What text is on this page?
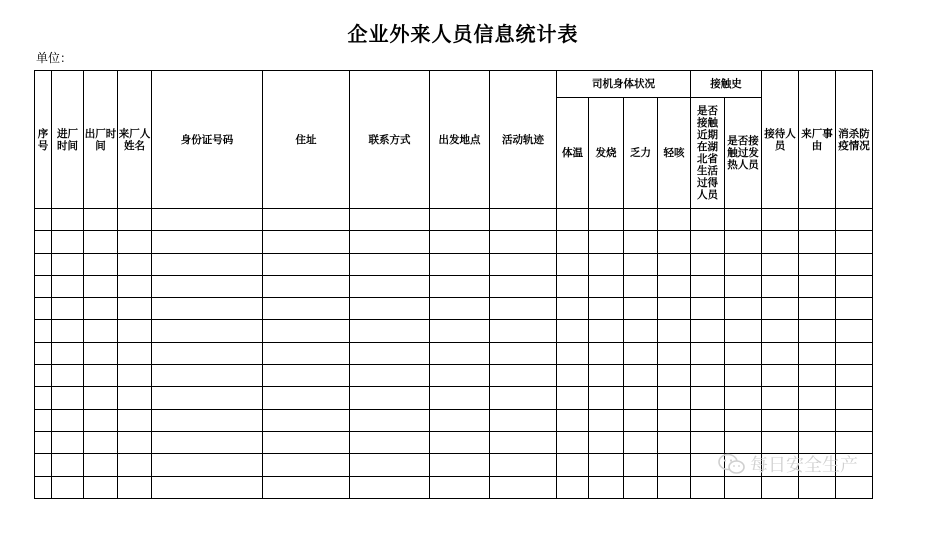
企业外来人员信息统计表
单位：
序号	进厂时间	出厂时间	来厂人姓名	身份证号码	住址	联系方式	出发地点	活动轨迹	司机身体状况				接触史		接待人员	来厂事由	消杀防疫情况
									体温	发烧	乏力	轻咳	是否接触近期在湖北省生活过得人员	是否接触过发热人员			

每日安全生产
